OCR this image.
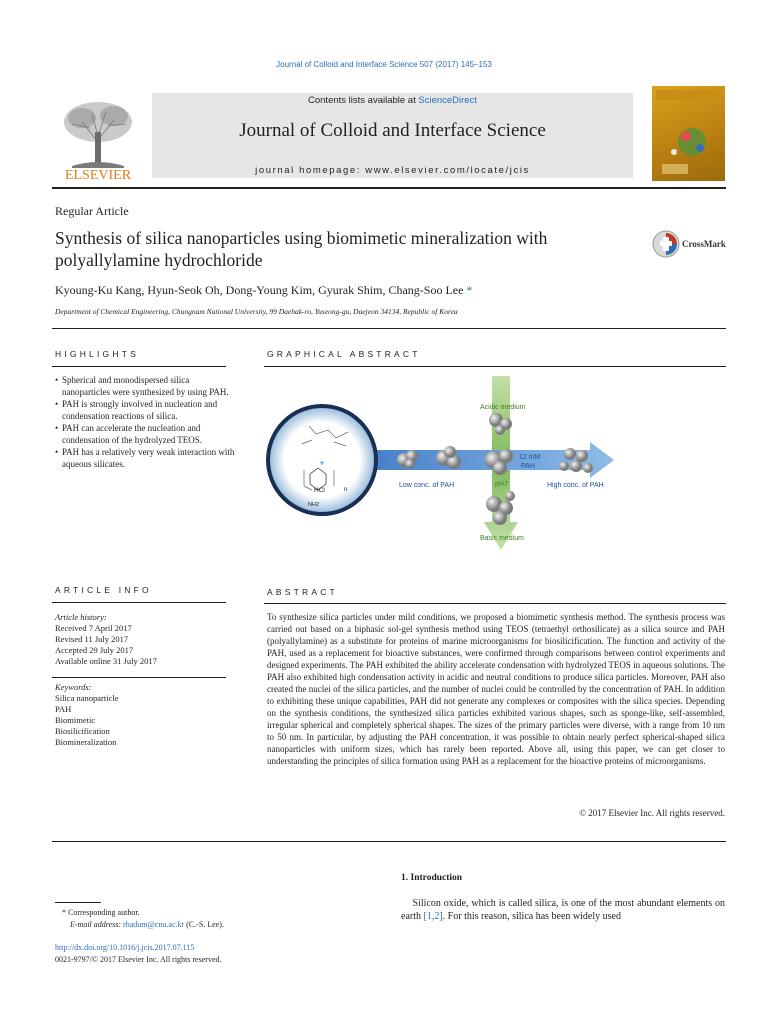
Journal of Colloid and Interface Science 507 (2017) 145–153
ELSEVIER
Contents lists available at ScienceDirect
Journal of Colloid and Interface Science
journal homepage: www.elsevier.com/locate/jcis
Regular Article
Synthesis of silica nanoparticles using biomimetic mineralization with polyallylamine hydrochloride
CrossMark
Kyoung-Ku Kang, Hyun-Seok Oh, Dong-Young Kim, Gyurak Shim, Chang-Soo Lee *
Department of Chemical Engineering, Chungnam National University, 99 Daehak-ro, Yuseong-gu, Daejeon 34134, Republic of Korea
HIGHLIGHTS
• Spherical and monodispersed silica nanoparticles were synthesized by using PAH.
• PAH is strongly involved in nucleation and condensation reactions of silica.
• PAH can accelerate the nucleation and condensation of the hydrolyzed TEOS.
• PAH has a relatively very weak interaction with aqueous silicates.
GRAPHICAL ABSTRACT
+
HCl	n
NH2
Acidic medium
Basic medium
Low conc. of PAH	High conc. of PAH
pH7
12 mM
PAH
ARTICLE INFO
Article history:
Received 7 April 2017
Revised 11 July 2017
Accepted 29 July 2017
Available online 31 July 2017
Keywords:
Silica nanoparticle
PAH
Biomimetic
Biosilicification
Biomineralization
ABSTRACT
To synthesize silica particles under mild conditions, we proposed a biomimetic synthesis method. The synthesis process was carried out based on a biphasic sol-gel synthesis method using TEOS (tetraethyl orthosilicate) as a silica source and PAH (polyallylamine) as a substitute for proteins of marine microorganisms for biosilicification. The function and activity of the PAH, used as a replacement for bioactive substances, were confirmed through comparisons between control experiments and designed experiments. The PAH exhibited the ability accelerate condensation with hydrolyzed TEOS in aqueous solutions. The PAH also exhibited high condensation activity in acidic and neutral conditions to produce silica particles. Moreover, PAH also created the nuclei of the silica particles, and the number of nuclei could be controlled by the concentration of PAH. In addition to exhibiting these unique capabilities, PAH did not generate any complexes or composites with the silica species. Depending on the synthesis conditions, the synthesized silica particles exhibited various shapes, such as sponge-like, self-assembled, irregular spherical and completely spherical shapes. The sizes of the primary particles were diverse, with a range from 10 nm to 50 nm. In particular, by adjusting the PAH concentration, it was possible to obtain nearly perfect spherical-shaped silica nanoparticles with uniform sizes, which has rarely been reported. Above all, using this paper, we can get closer to understanding the principles of silica formation using PAH as a replacement for the bioactive proteins of microorganisms.
© 2017 Elsevier Inc. All rights reserved.
1. Introduction
Silicon oxide, which is called silica, is one of the most abundant elements on earth [1,2]. For this reason, silica has been widely used
* Corresponding author.
E-mail address: rhadum@cnu.ac.kr (C.-S. Lee).
http://dx.doi.org/10.1016/j.jcis.2017.07.115
0021-9797/© 2017 Elsevier Inc. All rights reserved.
